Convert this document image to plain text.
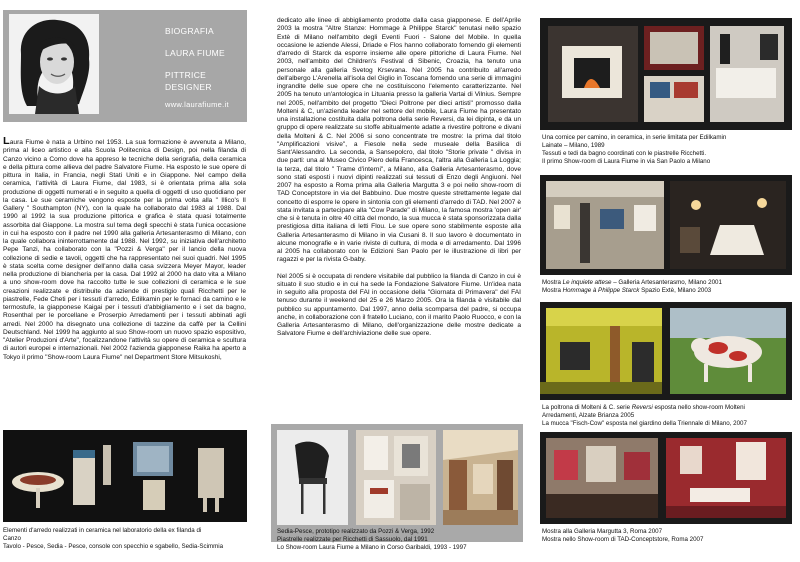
BIOGRAFIA
LAURA FIUME
PITTRICE
DESIGNER
www.laurafiume.it

Laura Fiume è nata a Urbino nel 1953. La sua formazione è avvenuta a Milano, prima al liceo artistico e alla Scuola Politecnica di Design, poi nella filanda di Canzo vicino a Como dove ha appreso le tecniche della serigrafia, della ceramica e della pittura come allieva del padre Salvatore Fiume. Ha esposto le sue opere di pittura in Italia, in Francia, negli Stati Uniti e in Giappone. Nel campo della ceramica, l'attività di Laura Fiume, dal 1983, si è orientata prima alla sola produzione di oggetti numerati e in seguito a quella di oggetti di uso quotidiano per la casa. Le sue ceramiche vengono esposte per la prima volta alla " Illico's II Gallery " Southampton (NY), con la quale ha collaborato dal 1983 al 1988. Dal 1990 al 1992 la sua produzione pittorica e grafica è stata quasi totalmente assorbita dal Giappone. La mostra sul tema degli specchi è stata l'unica occasione in cui ha esposto con il padre nel 1990 alla galleria Artesanterasmo di Milano, con la quale collabora ininterrottamente dal 1988. Nel 1992, su iniziativa dell'architetto Pepe Tanzi, ha collaborato con la "Pozzi & Verga" per il lancio della nuova collezione di sedie e tavoli, oggetti che ha rappresentato nei suoi quadri. Nel 1995 è stata scelta come designer dell'anno dalla casa svizzera Meyer Mayor, leader nella produzione di biancheria per la casa. Dal 1992 al 2000 ha dato vita a Milano a uno show-room dove ha raccolto tutte le sue collezioni di ceramica e le sue creazioni realizzate e distribuite da aziende di prestigio quali Ricchetti per le piastrelle, Fede Cheti per i tessuti d'arredo, Edilkamin per le fornaci da camino e le termostufe, la giapponese Kaigai per i tessuti d'abbigliamento e i set da bagno, Rosenthal per le porcellane e Proserpio Arredamenti per i tessuti abbinati agli arredi. Nel 2000 ha disegnato una collezione di tazzine da caffè per la Cellini Deutschland. Nel 1999 ha aggiunto al suo Show-room un nuovo spazio espositivo, "Atelier Produzioni d'Arte", focalizzandone l'attività su opere di ceramica e scultura di autori europei e internazionali. Nel 2002 l'azienda giapponese Raika ha aperto a Tokyo il primo "Show-room Laura Fiume" nel Department Store Mitsukoshi,

Elementi d'arredo realizzati in ceramica nel laboratorio della ex filanda di
Canzo
Tavolo - Pesce, Sedia - Pesce, console con specchio e sgabello, Sedia-Scimmia

dedicato alle linee di abbigliamento prodotte dalla casa giapponese. È dell'Aprile 2003 la mostra "Altre Stanze: Hommage à Philippe Starck" tenutasi nello spazio Extè di Milano nell'ambito degli Eventi Fuori - Salone del Mobile. In quella occasione le aziende Alessi, Driade e Flos hanno collaborato fornendo gli elementi d'arredo di Starck da esporre insieme alle opere pittoriche di Laura Fiume. Nel 2003, nell'ambito del Children's Festival di Sibenic, Croazia, ha tenuto una personale alla galleria Svetog Krsevana. Nel 2005 ha contribuito all'arredo dell'albergo L'Arenella all'isola del Giglio in Toscana fornendo una serie di immagini ingrandite delle sue opere che ne costituiscono l'elemento caratterizzante. Nel 2005 ha tenuto un'antologica in Lituania presso la galleria Vartai di Vilnius. Sempre nel 2005, nell'ambito del progetto "Dieci Poltrone per dieci artisti" promosso dalla Molteni & C, un'azienda leader nel settore del mobile, Laura Fiume ha presentato una installazione costituita dalla poltrona della serie Reversi, da lei dipinta, e da un gruppo di opere realizzate su stoffe abitualmente adatte a rivestire poltrone e divani della Molteni & C. Nel 2006 si sono concentrate tre mostre: la prima dal titolo "Amplificazioni visive", a Fiesole nella sede museale della Basilica di Sant'Alessandro. La seconda, a Sansepolcro, dal titolo "Storie private " divisa in due parti: una al Museo Civico Piero della Francesca, l'altra alla Galleria La Loggia; la terza, dal titolo " Trame d'interni", a Milano, alla Galleria Artesanterasmo, dove sono stati esposti i nuovi dipinti realizzati sui tessuti di Enzo degli Angiuoni. Nel 2007 ha esposto a Roma prima alla Galleria Margutta 3 e poi nello show-room di TAD Conceptstore in via del Babbuino. Due mostre queste strettamente legate dal concetto di esporre le opere in sintonia con gli elementi d'arredo di TAD. Nel 2007 è stata invitata a partecipare alla "Cow Parade" di Milano, la famosa mostra 'open air' che si è tenuta in oltre 40 città del mondo, la sua mucca è stata sponsorizzata dalla prestigiosa ditta italiana di letti Flou. Le sue opere sono stabilmente esposte alla Galleria Artesanterasmo di Milano in via Cusani 8. Il suo lavoro è documentato in alcune monografie e in varie riviste di cultura, di moda e di arredamento. Dal 1996 al 2005 ha collaborato con le Edizioni San Paolo per le illustrazione di libri per ragazzi e per la rivista G-baby.

Nel 2005 si è occupata di rendere visitabile dal pubblico la filanda di Canzo in cui è situato il suo studio e in cui ha sede la Fondazione Salvatore Fiume. Un'idea nata in seguito alla proposta del FAI in occasione della "Giornata di Primavera" del FAI tenuso durante il weekend del 25 e 26 Marzo 2005. Ora la filanda è visitabile dal pubblico su appuntamento. Dal 1997, anno della scomparsa del padre, si occupa anche, in collaborazione con il fratello Luciano, con il marito Paolo Ruocco, e con la Galleria Artesanterasmo di Milano, dell'organizzazione delle mostre dedicate a Salvatore Fiume e dell'archiviazione delle sue opere.

Sedia-Pesce, prototipo realizzato da Pozzi & Verga, 1992
Piastrelle realizzate per Ricchetti di Sassuolo, dal 1991
Lo Show-room Laura Fiume a Milano in Corso Garibaldi, 1993 - 1997
Una cornice per camino, in ceramica, in serie limitata per Edilkamin
Lainate – Milano, 1989
Tessuti e tedi da bagno coordinati con le piastrelle Ricchetti.
Il primo Show-room di Laura Fiume in via San Paolo a Milano
Mostra Le inquiete attese – Galleria Artesanterasmo, Milano 2001
Mostra Hommage à Philippe Starck Spazio Extè, Milano 2003
La poltrona di Molteni & C. serie Reversi esposta nello show-room Molteni
Arredamenti, Alzate Brianza 2005
La mucca "Fisch-Cow" esposta nel giardino della Triennale di Milano, 2007
Mostra alla Galleria Margutta 3, Roma 2007
Mostra nello Show-room di TAD-Conceptstore, Roma 2007
